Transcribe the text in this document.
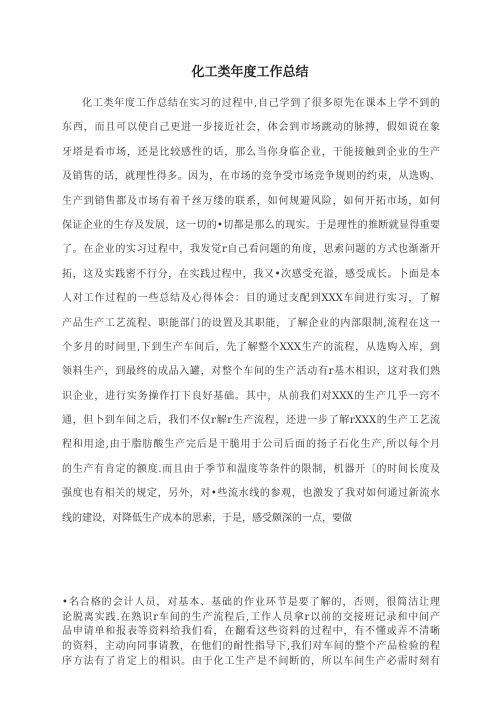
化工类年度工作总结
化工类年度工作总结在实习的过程中,自己学到了很多原先在课本上学不到的
东西，而且可以使自己更进一步接近社会，体会到市场跳动的脉搏，假如说在象
牙塔是看市场，还是比较感性的话，那么当你身临企业，干能接触到企业的生产
及销售的话，就理性得多。因为，在市场的竞争受市场竞争规则的约束，从选购、
生产到销售都及市场有着千丝万缕的联系，如何规避风险，如何开拓市场，如何
保证企业的生存及发展，这一切的•切都是那么的现实。于是理性的推断就显得重要
了。在企业的实习过程中，我发觉r自己看问题的角度，思索问题的方式也渐渐开
拓，这及实践密不行分，在实践过程中，我又•次感受充溢，感受成长。卜面是本
人对工作过程的一些总结及心得体会：目的通过支配到XXX车间进行实习，了解
产品生产工艺流程、职能部门的设置及其职能，了解企业的内部限制,流程在这一
个多月的时间里,下到生产车间后，先了解整个XXX生产的流程，从选购入库，到
领料生产，到最终的成品入罐，对整个车间的生产活动有r基木相识，这对我们熟
识企业，进行实务操作打下良好基础。其中，从前我们对XXX的生产几乎一窍不
通，但卜到车间之后，我们不仅r解r生产流程，还进一步了解rXXX的生产工艺流
程和用途,由于脂肪酸生产完后是干脆用于公司后面的扬子石化生产,所以每个月
的生产有肯定的额度.而且由于季节和温度等条件的限制，机器开〔的时间长度及
强度也有相关的规定，另外，对•些流水线的参观，也激发了我对如何通过新流水
线的建设，对降低生产成本的思索，于是，感受颇深的一点，要做
•名合格的会计人员，对基本、基础的作业环节是要了解的，否则，很简洁让理
论脱离实践.在熟识r车间的生产流程后,工作人员拿r以前的交接班记录和中间产
品申请单和报表等资料给我们看，在翻看这些资料的过程中，有不懂或弄不清晰
的资料，主动向同事请教，在他们的耐性指导下,我们对车间的整个产品检验的程
序方法有了肯定上的相识。由于化工生产是不间断的，所以车间生产必需时刻有
